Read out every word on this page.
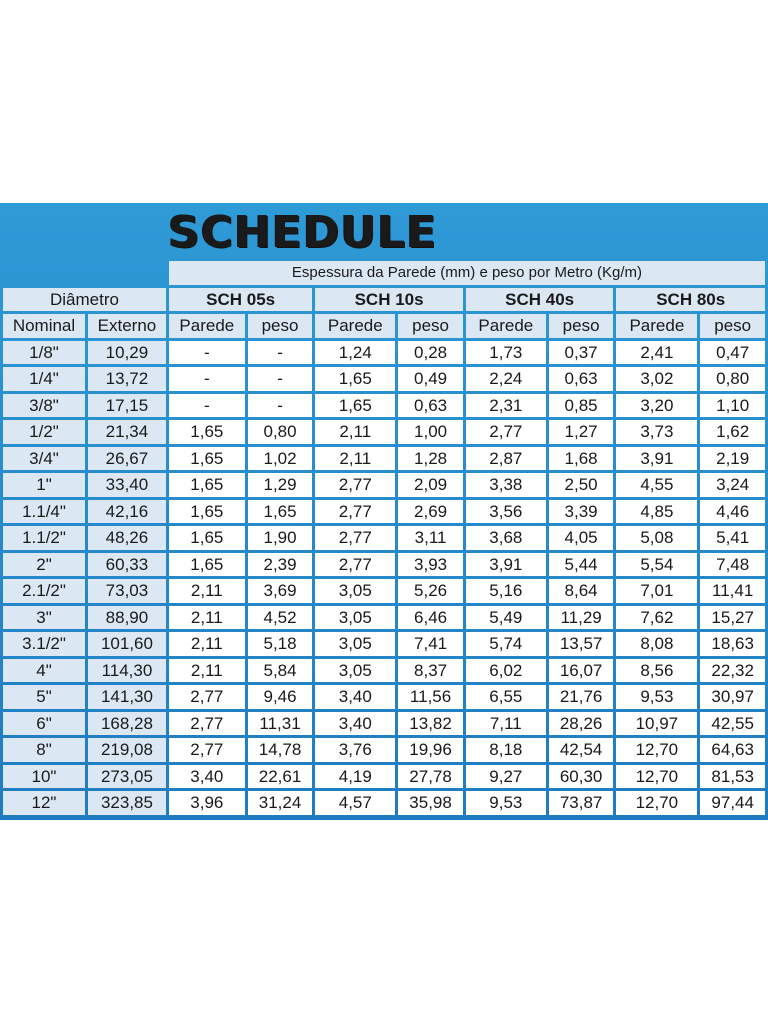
SCHEDULE
		Espessura da Parede (mm) e peso por Metro (Kg/m)							
Diâmetro		SCH 05s		SCH 10s		SCH 40s		SCH 80s	
Nominal	Externo	Parede	peso	Parede	peso	Parede	peso	Parede	peso
1/8"	10,29	-	-	1,24	0,28	1,73	0,37	2,41	0,47
1/4"	13,72	-	-	1,65	0,49	2,24	0,63	3,02	0,80
3/8"	17,15	-	-	1,65	0,63	2,31	0,85	3,20	1,10
1/2"	21,34	1,65	0,80	2,11	1,00	2,77	1,27	3,73	1,62
3/4"	26,67	1,65	1,02	2,11	1,28	2,87	1,68	3,91	2,19
1"	33,40	1,65	1,29	2,77	2,09	3,38	2,50	4,55	3,24
1.1/4"	42,16	1,65	1,65	2,77	2,69	3,56	3,39	4,85	4,46
1.1/2"	48,26	1,65	1,90	2,77	3,11	3,68	4,05	5,08	5,41
2"	60,33	1,65	2,39	2,77	3,93	3,91	5,44	5,54	7,48
2.1/2"	73,03	2,11	3,69	3,05	5,26	5,16	8,64	7,01	11,41
3"	88,90	2,11	4,52	3,05	6,46	5,49	11,29	7,62	15,27
3.1/2"	101,60	2,11	5,18	3,05	7,41	5,74	13,57	8,08	18,63
4"	114,30	2,11	5,84	3,05	8,37	6,02	16,07	8,56	22,32
5"	141,30	2,77	9,46	3,40	11,56	6,55	21,76	9,53	30,97
6"	168,28	2,77	11,31	3,40	13,82	7,11	28,26	10,97	42,55
8"	219,08	2,77	14,78	3,76	19,96	8,18	42,54	12,70	64,63
10"	273,05	3,40	22,61	4,19	27,78	9,27	60,30	12,70	81,53
12"	323,85	3,96	31,24	4,57	35,98	9,53	73,87	12,70	97,44
